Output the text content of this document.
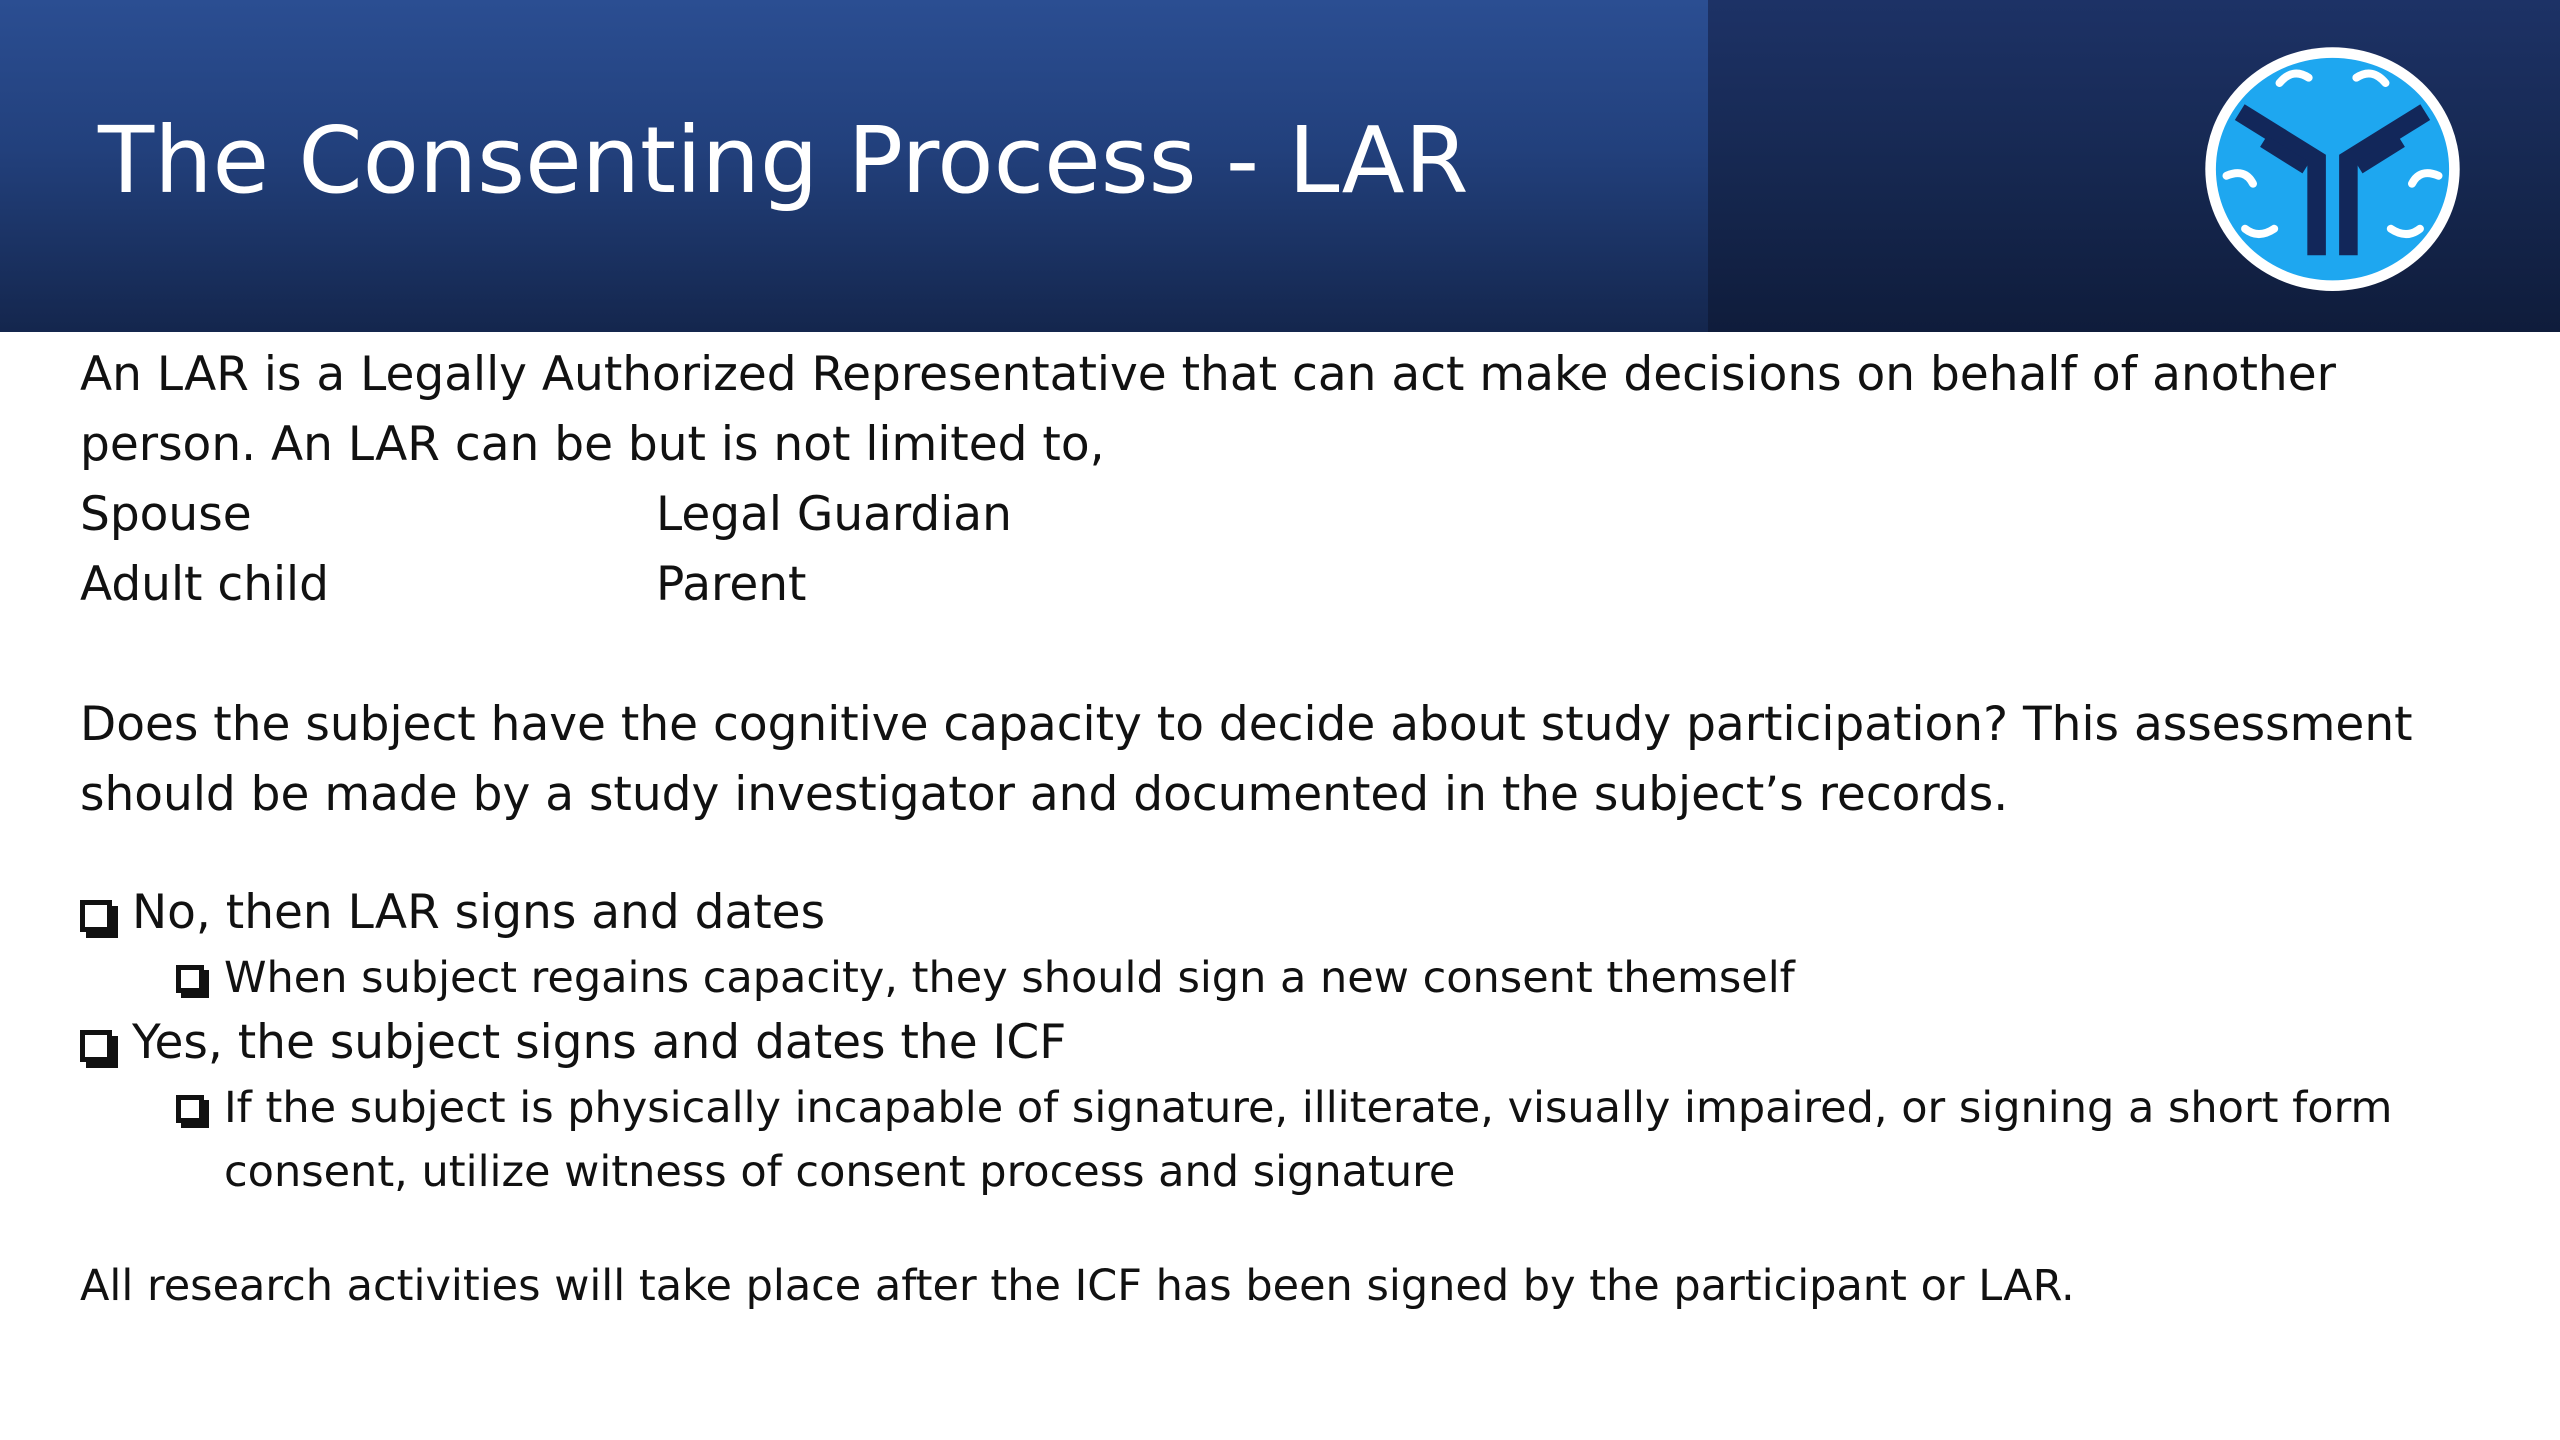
The Consenting Process - LAR
An LAR is a Legally Authorized Representative that can act make decisions on behalf of another
person. An LAR can be but is not limited to,
Spouse	Legal Guardian
Adult child	Parent
Does the subject have the cognitive capacity to decide about study participation? This assessment
should be made by a study investigator and documented in the subject’s records.
No, then LAR signs and dates
When subject regains capacity, they should sign a new consent themself
Yes, the subject signs and dates the ICF
If the subject is physically incapable of signature, illiterate, visually impaired, or signing a short form
consent, utilize witness of consent process and signature
All research activities will take place after the ICF has been signed by the participant or LAR.
